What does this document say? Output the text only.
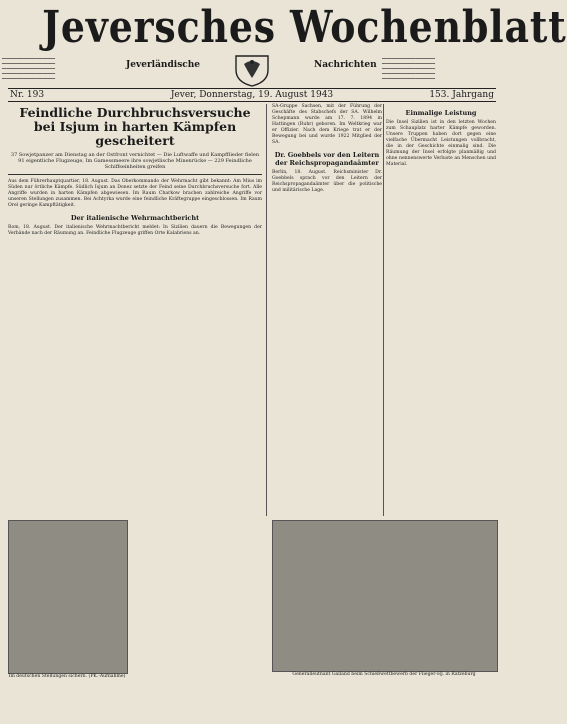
Jeversches Wochenblatt
━━━━━━━━━━━━━━━━━━━━━━
━━━━━━━━━━━━━━━━━━━━━━
━━━━━━━━━━━━━━━━━━━━━━
━━━━━━━━━━━━━━━━━━━━━━
━━━━━━━━━━━━━━━━━━━━━━
━━━━━━━━━━━━━━━━━━━━━━
━━━━━━━━━━━━━━━━━━━━━━
━━━━━━━━━━━━━━━━━━━━━━
━━━━━━━━━━━━━━━━━━━━━━
━━━━━━━━━━━━━━━━━━━━━━
Jeverländische	Nachrichten
Nr. 193	Jever, Donnerstag, 19. August 1943	153. Jahrgang
Feindliche Durchbruchsversuche bei Isjum in harten Kämpfen gescheitert
37 Sowjetpanzer am Dienstag an der Ostfront vernichtet — Die Luftwaffe und Kampfflieder fielen 91 eigentliche Flugzeuge, Im Gamessmeere ihre sowjetlische Minenrücke — 229 Feindliche Schiffseinheiten greifen
Aus dem Führerhauptquartier, 18. August. Das Oberkommando der Wehrmacht gibt bekannt: Am Mius im Süden nur örtliche Kämpfe. Südlich Isjum an Donez setzte der Feind seine Durchbruchsversuche fort. Alle Angriffe wurden in harten Kämpfen abgewiesen. Im Raum Charkow brachen zahlreiche Angriffe vor unseren Stellungen zusammen. Bei Achtyrka wurde eine feindliche Kräftegruppe eingeschlossen. Im Raum Orel geringe Kampftätigkeit.
Der italienische Wehrmachtbericht
Rom, 18. August. Der italienische Wehrmachtbericht meldet: In Sizilien dauern die Bewegungen der Verbände nach der Räumung an. Feindliche Flugzeuge griffen Orte Kalabriens an.
SA-Gruppe Sachsen, mit der Führung der Geschäfte des Stabschefs der SA. Wilhelm Schepmann wurde am 17. 7. 1894 in Hattingen (Ruhr) geboren. Im Weltkrieg war er Offizier. Nach dem Kriege trat er der Bewegung bei und wurde 1922 Mitglied der SA.
Dr. Goebbels vor den Leitern der Reichspropagandaämter
Berlin, 18. August. Reichsminister Dr. Goebbels sprach vor den Leitern der Reichspropagandaämter über die politische und militärische Lage.
Einmalige Leistung
Die Insel Sizilien ist in den letzten Wochen zum Schauplatz harter Kämpfe geworden. Unsere Truppen haben dort gegen eine vielfache Übermacht Leistungen vollbracht, die in der Geschichte einmalig sind. Die Räumung der Insel erfolgte planmäßig und ohne nennenswerte Verluste an Menschen und Material.
Im deutschen Stellungen sichern. (PK.-Aufnahme)	Generalleutnant Galland beim Schießwettbewerb der Flieger-HJ. in Ratzeburg
